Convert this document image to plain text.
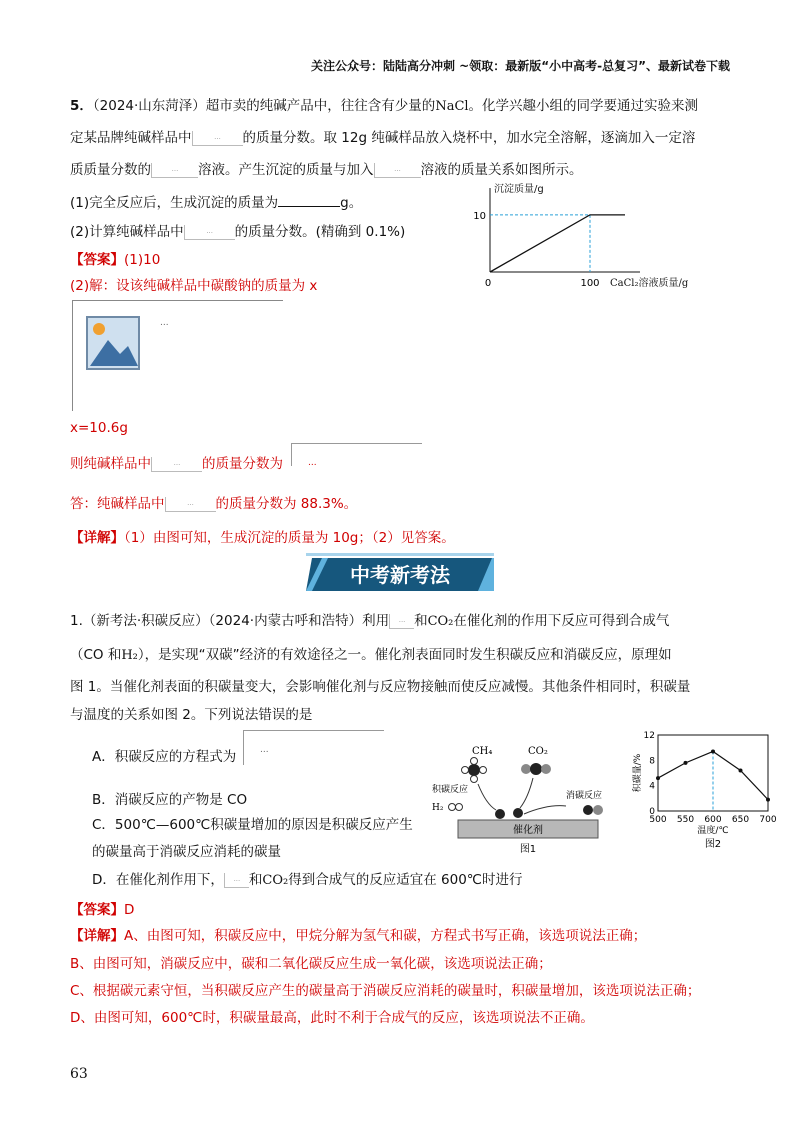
关注公众号：陆陆高分冲刺 ~领取：最新版“小中高考-总复习”、最新试卷下载
5．（2024·山东菏泽）超市卖的纯碱产品中，往往含有少量的NaCl。化学兴趣小组的同学要通过实验来测
定某品牌纯碱样品中 ...	的质量分数。取 12g 纯碱样品放入烧杯中，加水完全溶解，逐滴加入一定溶
质质量分数的 ...	溶液。产生沉淀的质量与加入 ...	溶液的质量关系如图所示。
(1)完全反应后，生成沉淀的质量为	g。
(2)计算纯碱样品中 ...	的质量分数。(精确到 0.1%)
【答案】(1)10
(2)解：设该纯碱样品中碳酸钠的质量为 x
沉淀质量/g
CaCl₂溶液质量/g
0	100
10
...
x=10.6g
则纯碱样品中 ...	的质量分数为	...
答：纯碱样品中 ...	的质量分数为 88.3%。
【详解】（1）由图可知，生成沉淀的质量为 10g；（2）见答案。
中考新考法
1.（新考法·积碳反应）（2024·内蒙古呼和浩特）利用 ... 和CO₂在催化剂的作用下反应可得到合成气
（CO 和H₂），是实现“双碳”经济的有效途径之一。催化剂表面同时发生积碳反应和消碳反应，原理如
图 1。当催化剂表面的积碳量变大，会影响催化剂与反应物接触而使反应减慢。其他条件相同时，积碳量
与温度的关系如图 2。下列说法错误的是
A．积碳反应的方程式为	...
B．消碳反应的产物是 CO
C．500℃—600℃积碳量增加的原因是积碳反应产生
的碳量高于消碳反应消耗的碳量
D．在催化剂作用下， ... 和CO₂得到合成气的反应适宜在 600℃时进行
CH₄	CO₂
积碳反应
H₂
消碳反应
催化剂
图1
0
4
8
12
500 550 600 650 700
积碳量/%
温度/℃
图2
【答案】D
【详解】A、由图可知，积碳反应中，甲烷分解为氢气和碳，方程式书写正确，该选项说法正确；
B、由图可知，消碳反应中，碳和二氧化碳反应生成一氧化碳，该选项说法正确；
C、根据碳元素守恒，当积碳反应产生的碳量高于消碳反应消耗的碳量时，积碳量增加，该选项说法正确；
D、由图可知，600℃时，积碳量最高，此时不利于合成气的反应，该选项说法不正确。
63
